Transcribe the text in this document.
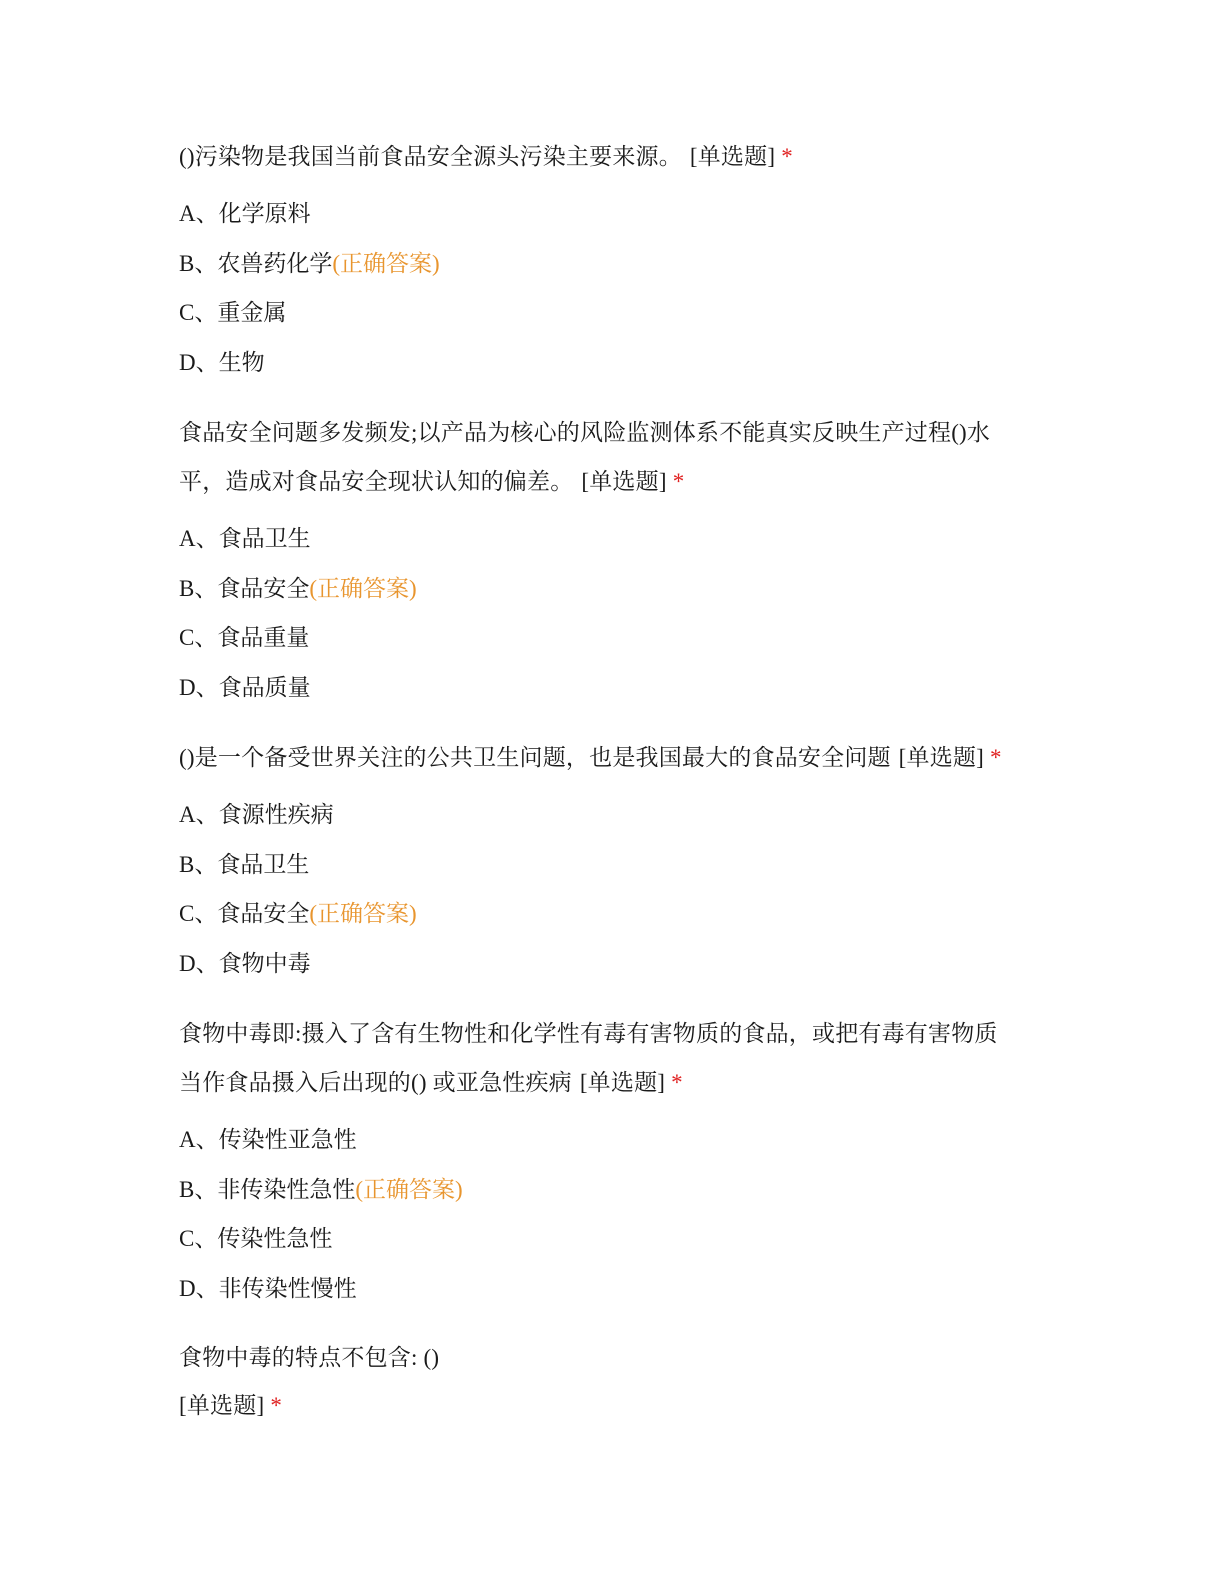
()污染物是我国当前食品安全源头污染主要来源。 [单选题] *

A、化学原料
B、农兽药化学(正确答案)
C、重金属
D、生物

食品安全问题多发频发;以产品为核心的风险监测体系不能真实反映生产过程()水
平，造成对食品安全现状认知的偏差。 [单选题] *

A、食品卫生
B、食品安全(正确答案)
C、食品重量
D、食品质量

()是一个备受世界关注的公共卫生问题，也是我国最大的食品安全问题 [单选题] *

A、食源性疾病
B、食品卫生
C、食品安全(正确答案)
D、食物中毒

食物中毒即:摄入了含有生物性和化学性有毒有害物质的食品，或把有毒有害物质
当作食品摄入后出现的() 或亚急性疾病 [单选题] *

A、传染性亚急性
B、非传染性急性(正确答案)
C、传染性急性
D、非传染性慢性

食物中毒的特点不包含: ()
[单选题] *
